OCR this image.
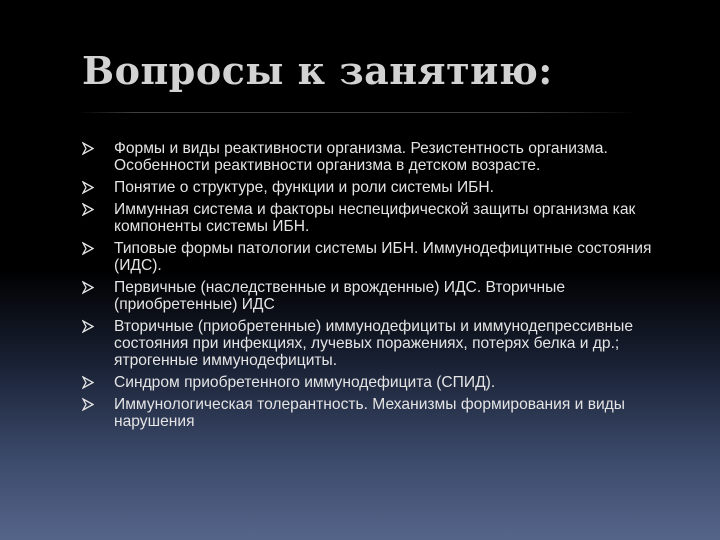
Вопросы к занятию:
Формы и виды реактивности организма. Резистентность организма. Особенности реактивности организма в детском возрасте.
Понятие о структуре, функции и роли системы ИБН.
Иммунная система и факторы неспецифической защиты организма как компоненты системы ИБН.
Типовые формы патологии системы ИБН. Иммунодефицитные состояния (ИДС).
Первичные (наследственные и врожденные) ИДС. Вторичные (приобретенные) ИДС
Вторичные (приобретенные) иммунодефициты и иммунодепрессивные состояния при инфекциях, лучевых поражениях, потерях белка и др.; ятрогенные иммунодефициты.
Синдром приобретенного иммунодефицита (СПИД).
Иммунологическая толерантность. Механизмы формирования и виды нарушения
